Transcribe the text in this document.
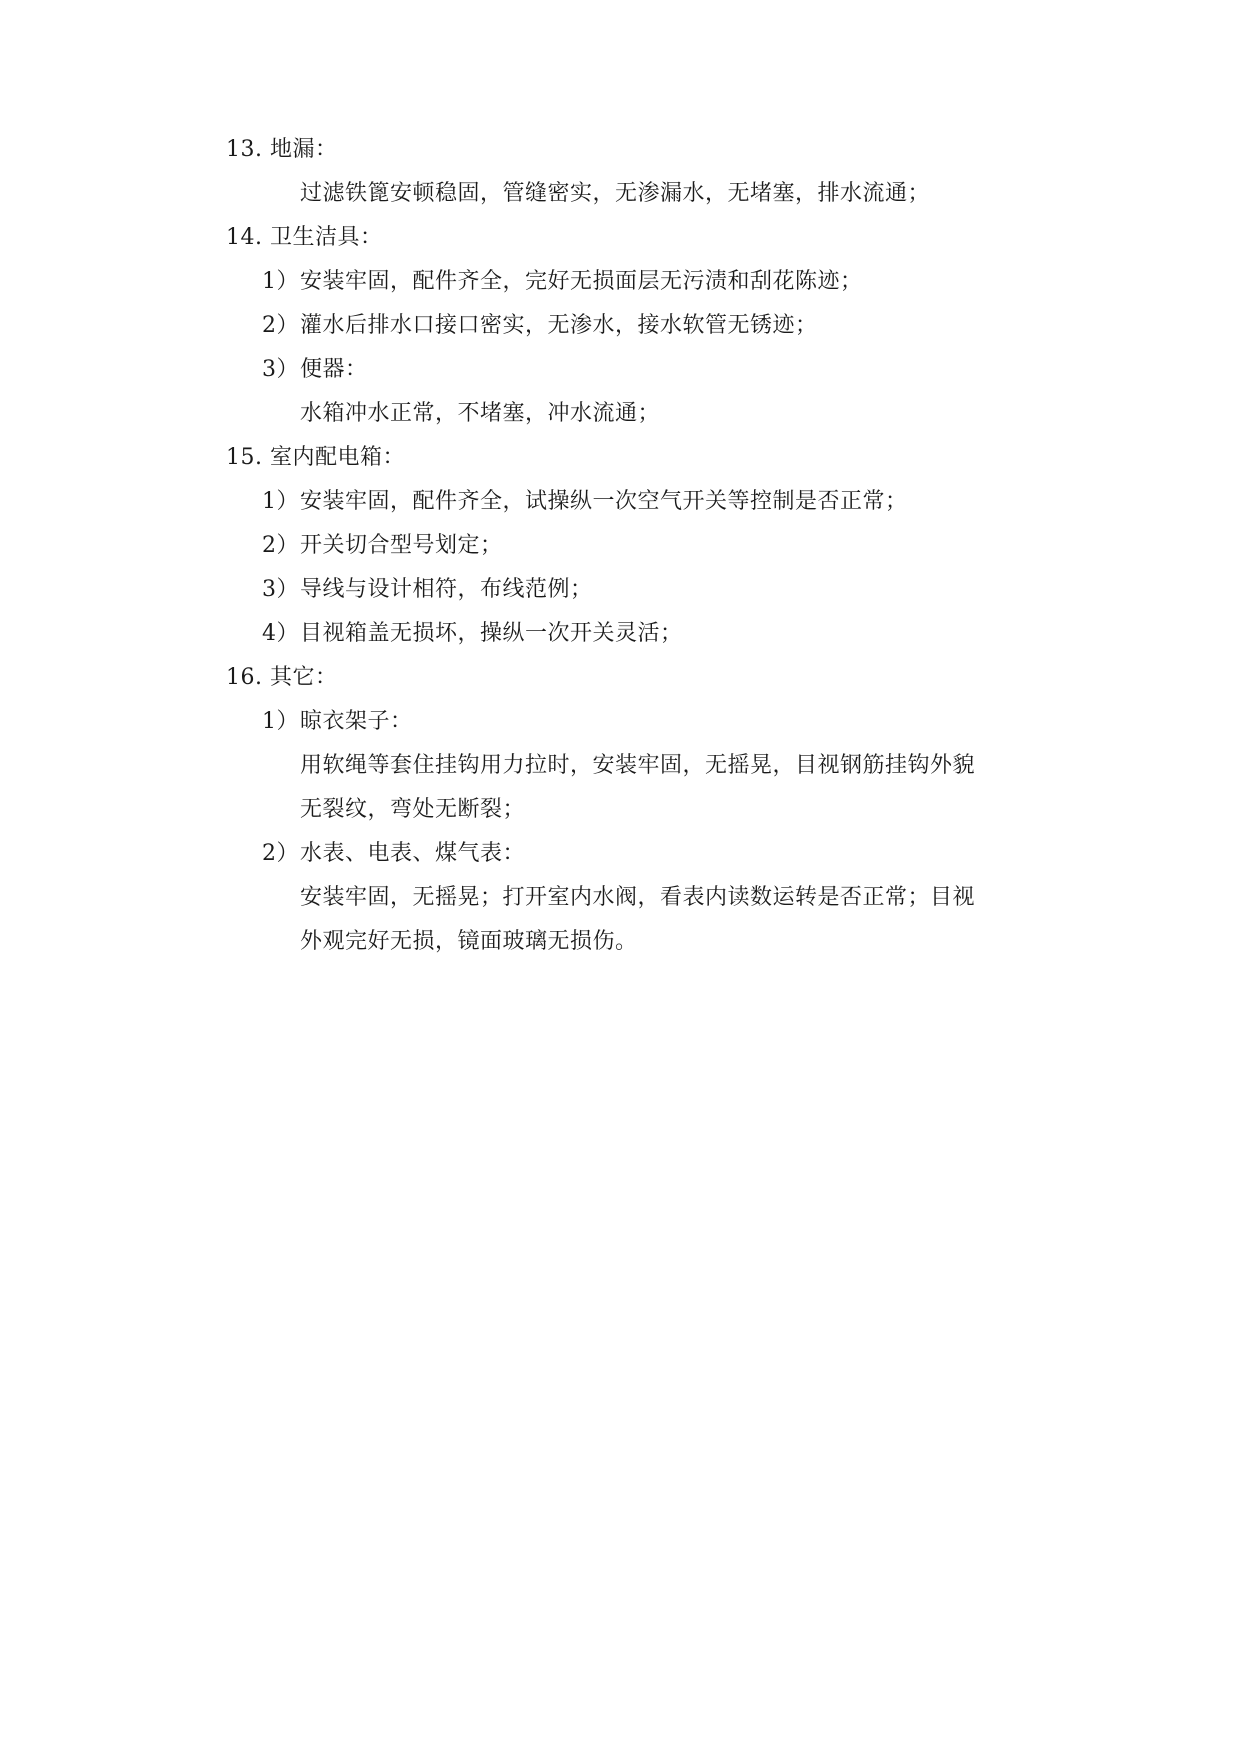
13. 地漏：
过滤铁篦安顿稳固，管缝密实，无渗漏水，无堵塞，排水流通；
14. 卫生洁具：
1） 安装牢固，配件齐全，完好无损面层无污渍和刮花陈迹；
2） 灌水后排水口接口密实，无渗水，接水软管无锈迹；
3） 便器：
水箱冲水正常，不堵塞，冲水流通；
15. 室内配电箱：
1） 安装牢固，配件齐全，试操纵一次空气开关等控制是否正常；
2） 开关切合型号划定；
3） 导线与设计相符，布线范例；
4） 目视箱盖无损坏，操纵一次开关灵活；
16. 其它：
1） 晾衣架子：
用软绳等套住挂钩用力拉时，安装牢固，无摇晃，目视钢筋挂钩外貌
无裂纹，弯处无断裂；
2） 水表、电表、煤气表：
安装牢固，无摇晃；打开室内水阀，看表内读数运转是否正常；目视
外观完好无损，镜面玻璃无损伤。
